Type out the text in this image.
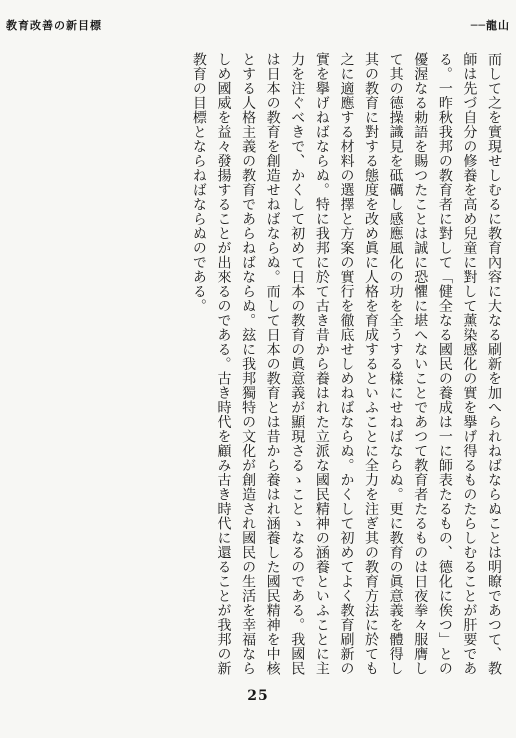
教育改善の新目標	──龍山

而して之を實現せしむるに教育內容に大なる刷新を加へられねばならぬことは明瞭であつて、教師は先づ自分の修養を高め兒童に對して薰染感化の實を擧げ得るものたらしむることが肝要である。一昨秋我邦の教育者に對して「健全なる國民の養成は一に師表たるもの、德化に俟つ」との優渥なる勅語を賜つたことは誠に恐懼に堪へないことであつて教育者たるものは日夜拳々服膺して其の德操識見を砥礪し感應風化の功を全うする樣にせねばならぬ。更に教育の眞意義を體得し其の教育に對する態度を改め眞に人格を育成するといふことに全力を注ぎ其の教育方法に於ても之に適應する材料の選擇と方案の實行を徹底せしめねばならぬ。かくして初めてよく教育刷新の實を擧げねばならぬ。特に我邦に於て古き昔から養はれた立派な國民精神の涵養といふことに主力を注ぐべきで、かくして初めて日本の教育の眞意義が顯現さるゝことゝなるのである。我國民は日本の教育を創造せねばならぬ。而して日本の教育とは昔から養はれ涵養した國民精神を中核とする人格主義の教育であらねばならぬ。玆に我邦獨特の文化が創造され國民の生活を幸福ならしめ國威を益々發揚することが出來るのである。古き時代を顧み古き時代に還ることが我邦の新教育の目標とならねばならぬのである。

25
